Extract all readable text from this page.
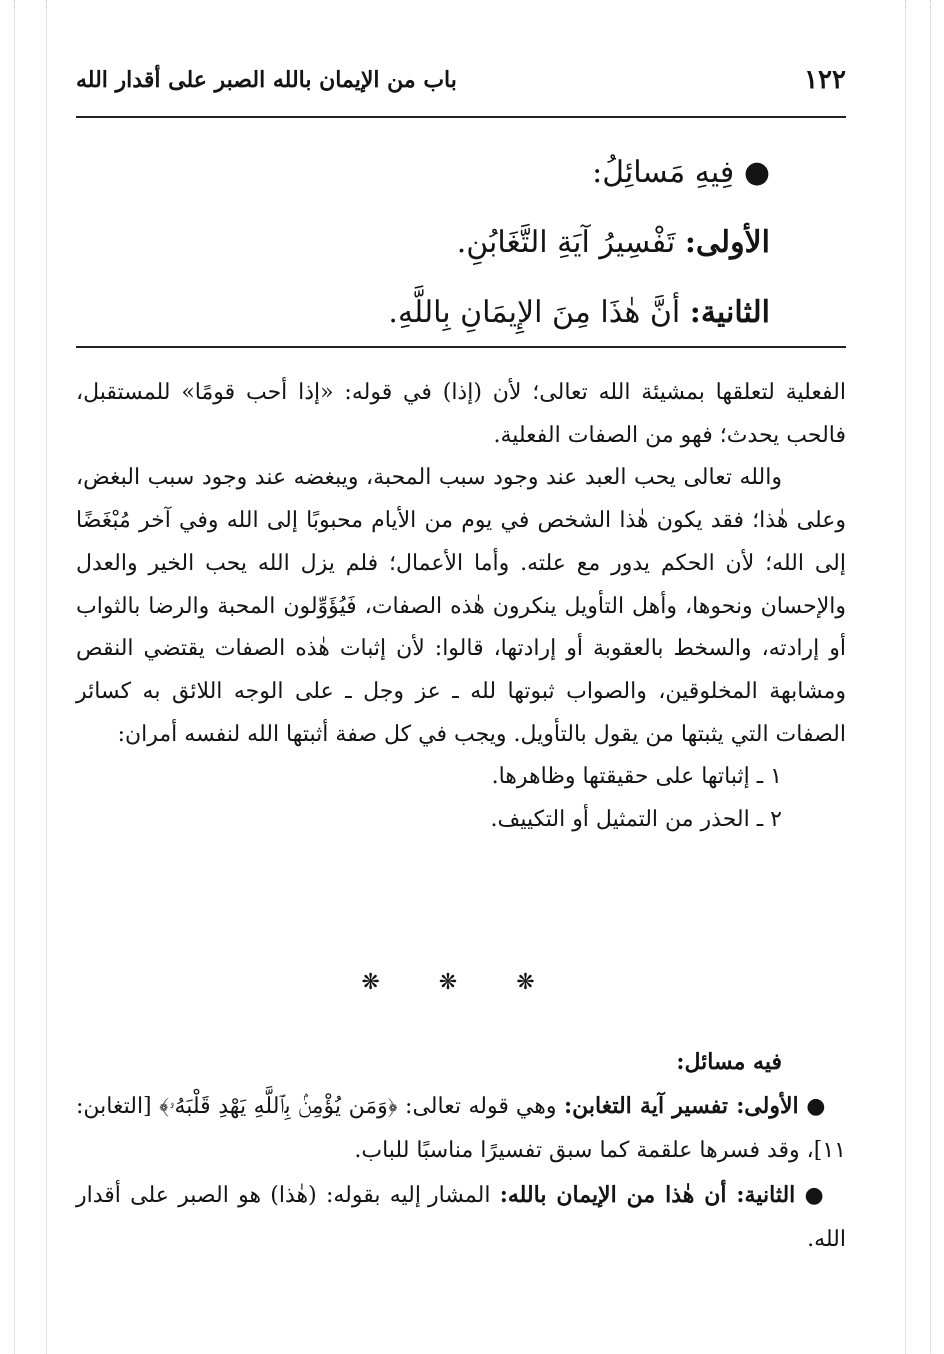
١٢٢
باب من الإيمان بالله الصبر على أقدار الله

● فِيهِ مَسائِلُ:

الأولى: تَفْسِيرُ آيَةِ التَّغَابُنِ.

الثانية: أنَّ هٰذَا مِنَ الإِيمَانِ بِاللَّهِ.

الفعلية لتعلقها بمشيئة الله تعالى؛ لأن (إذا) في قوله: «إذا أحب قومًا» للمستقبل، فالحب يحدث؛ فهو من الصفات الفعلية.

والله تعالى يحب العبد عند وجود سبب المحبة، ويبغضه عند وجود سبب البغض، وعلى هٰذا؛ فقد يكون هٰذا الشخص في يوم من الأيام محبوبًا إلى الله وفي آخر مُبْغَضًا إلى الله؛ لأن الحكم يدور مع علته. وأما الأعمال؛ فلم يزل الله يحب الخير والعدل والإحسان ونحوها، وأهل التأويل ينكرون هٰذه الصفات، فَيُؤَوِّلون المحبة والرضا بالثواب أو إرادته، والسخط بالعقوبة أو إرادتها، قالوا: لأن إثبات هٰذه الصفات يقتضي النقص ومشابهة المخلوقين، والصواب ثبوتها لله ـ عز وجل ـ على الوجه اللائق به كسائر الصفات التي يثبتها من يقول بالتأويل. ويجب في كل صفة أثبتها الله لنفسه أمران:

١ ـ إثباتها على حقيقتها وظاهرها.

٢ ـ الحذر من التمثيل أو التكييف.

❋ ❋ ❋

فيه مسائل:

● الأولى: تفسير آية التغابن: وهي قوله تعالى: ﴿وَمَن يُؤْمِنۢ بِٱللَّهِ يَهْدِ قَلْبَهُۥ﴾ [التغابن: ١١]، وقد فسرها علقمة كما سبق تفسيرًا مناسبًا للباب.

● الثانية: أن هٰذا من الإيمان بالله: المشار إليه بقوله: (هٰذا) هو الصبر على أقدار الله.
